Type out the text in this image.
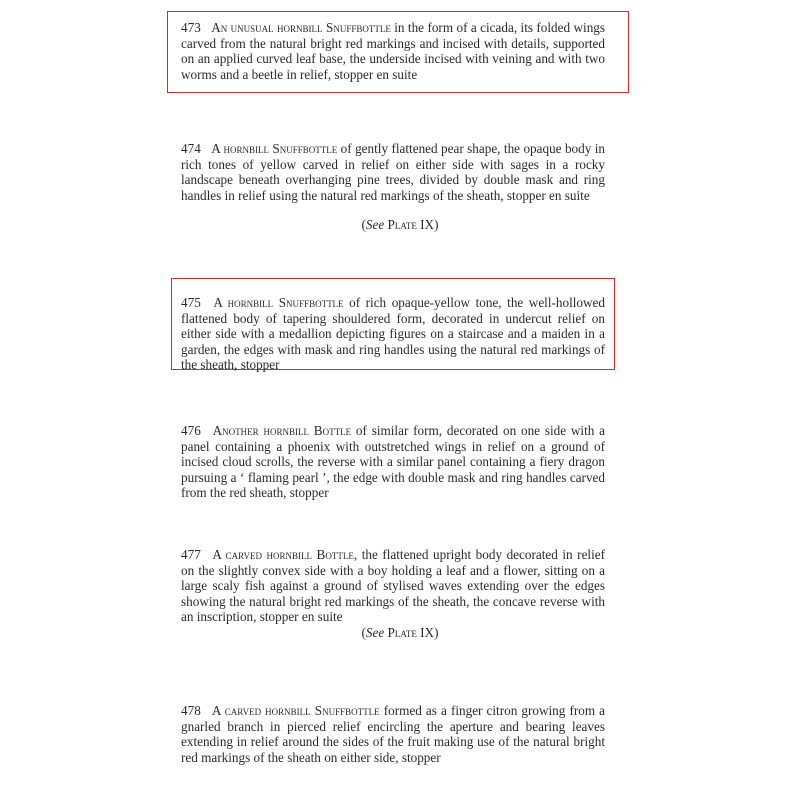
473 An unusual hornbill Snuffbottle in the form of a cicada, its folded wings carved from the natural bright red markings and incised with details, supported on an applied curved leaf base, the underside incised with veining and with two worms and a beetle in relief, stopper en suite
474 A hornbill Snuffbottle of gently flattened pear shape, the opaque body in rich tones of yellow carved in relief on either side with sages in a rocky landscape beneath overhanging pine trees, divided by double mask and ring handles in relief using the natural red markings of the sheath, stopper en suite
(See Plate IX)
475 A hornbill Snuffbottle of rich opaque-yellow tone, the well-hollowed flattened body of tapering shouldered form, decorated in undercut relief on either side with a medallion depicting figures on a staircase and a maiden in a garden, the edges with mask and ring handles using the natural red markings of the sheath, stopper
476 Another hornbill Bottle of similar form, decorated on one side with a panel containing a phoenix with outstretched wings in relief on a ground of incised cloud scrolls, the reverse with a similar panel containing a fiery dragon pursuing a ‘ flaming pearl ’, the edge with double mask and ring handles carved from the red sheath, stopper
477 A carved hornbill Bottle, the flattened upright body decorated in relief on the slightly convex side with a boy holding a leaf and a flower, sitting on a large scaly fish against a ground of stylised waves extending over the edges showing the natural bright red markings of the sheath, the concave reverse with an inscription, stopper en suite
(See Plate IX)
478 A carved hornbill Snuffbottle formed as a finger citron growing from a gnarled branch in pierced relief encircling the aperture and bearing leaves extending in relief around the sides of the fruit making use of the natural bright red markings of the sheath on either side, stopper
